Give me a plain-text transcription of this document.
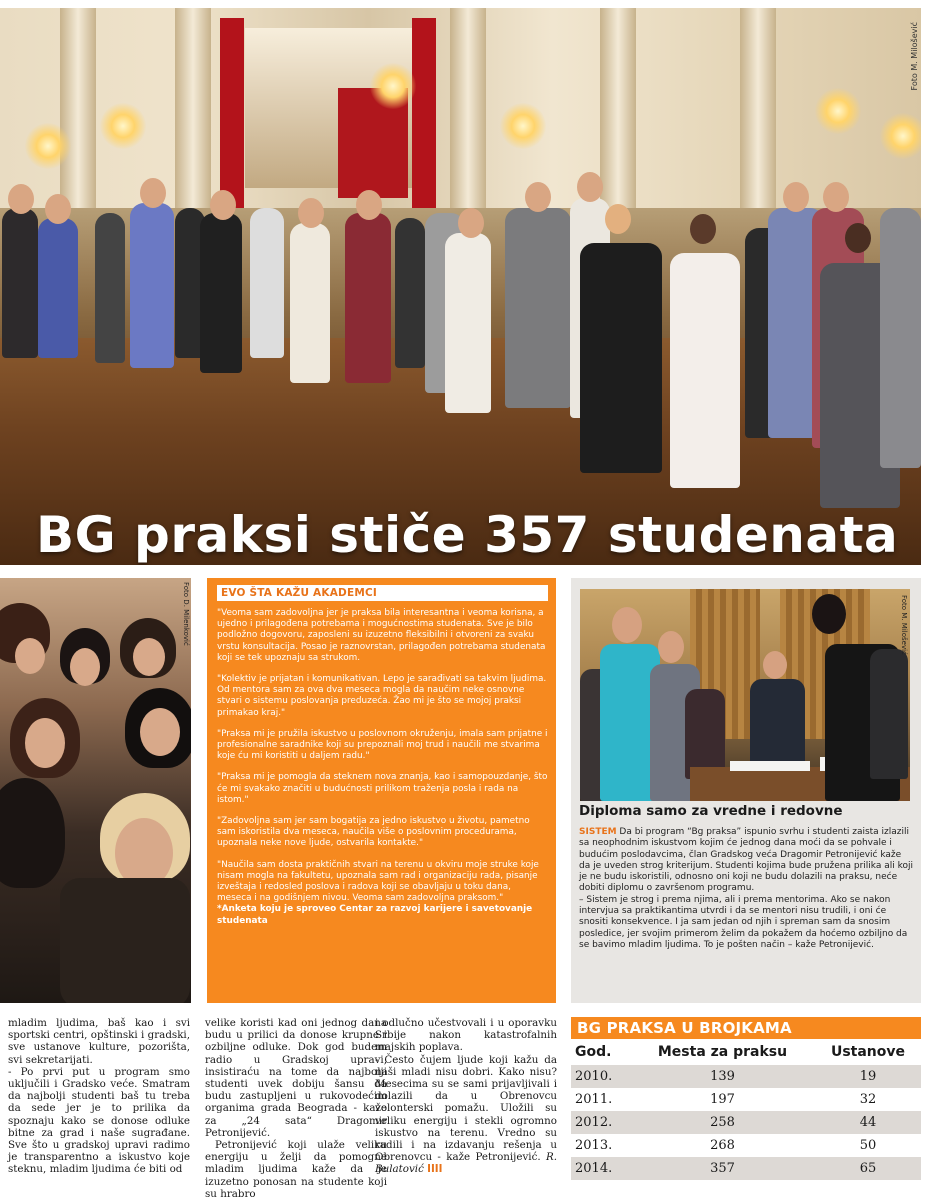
Foto M. Milošević
BG praksi stiče 357 studenata
Foto D. Milenković	EVO ŠTA KAŽU AKADEMCI

"Veoma sam zadovoljna jer je praksa bila interesantna i veoma korisna, a ujedno i prilagođena potrebama i mogućnostima studenata. Sve je bilo podložno dogovoru, zaposleni su izuzetno fleksibilni i otvoreni za svaku vrstu konsultacija. Posao je raznovrstan, prilagođen potrebama studenata koji se tek upoznaju sa strukom.

"Kolektiv je prijatan i komunikativan. Lepo je sarađivati sa takvim ljudima. Od mentora sam za ova dva meseca mogla da naučim neke osnovne stvari o sistemu poslovanja preduzeća. Žao mi je što se mojoj praksi primakao kraj."

"Praksa mi je pružila iskustvo u poslovnom okruženju, imala sam prijatne i profesionalne saradnike koji su prepoznali moj trud i naučili me stvarima koje ću mi koristiti u daljem radu."

"Praksa mi je pomogla da steknem nova znanja, kao i samopouzdanje, što će mi svakako značiti u budućnosti prilikom traženja posla i rada na istom."

"Zadovoljna sam jer sam bogatija za jedno iskustvo u životu, pametno sam iskoristila dva meseca, naučila više o poslovnim procedurama, upoznala neke nove ljude, ostvarila kontakte."

"Naučila sam dosta praktičnih stvari na terenu u okviru moje struke koje nisam mogla na fakultetu, upoznala sam rad i organizaciju rada, pisanje izveštaja i redosled poslova i radova koji se obavljaju u toku dana, meseca i na godišnjem nivou. Veoma sam zadovoljna praksom."

*Anketa koju je sproveo Centar za razvoj karijere i savetovanje studenata
Foto M. Milošević
Diploma samo za vredne i redovne

SISTEM Da bi program “Bg praksa” ispunio svrhu i studenti zaista izlazili sa neophodnim iskustvom kojim će jednog dana moći da se pohvale i budućim poslodavcima, član Gradskog veća Dragomir Petronijević kaže da je uveden strog kriterijum. Studenti kojima bude pružena prilika ali koji je ne budu iskoristili, odnosno oni koji ne budu dolazili na praksu, neće dobiti diplomu o završenom programu.

– Sistem je strog i prema njima, ali i prema mentorima. Ako se nakon intervjua sa praktikantima utvrdi i da se mentori nisu trudili, i oni će snositi konsekvence. I ja sam jedan od njih i spreman sam da snosim posledice, jer svojim primerom želim da pokažem da hoćemo ozbiljno da se bavimo mladim ljudima. To je pošten način – kaže Petronijević.

mladim ljudima, baš kao i svi sportski centri, opštinski i gradski, sve ustanove kulture, pozorišta, svi sekretarijati.

- Po prvi put u program smo uključili i Gradsko veće. Smatram da najbolji studenti baš tu treba da sede jer je to prilika da spoznaju kako se donose odluke bitne za grad i naše sugrađane. Sve što u gradskoj upravi radimo je transparentno a iskustvo koje steknu, mladim ljudima će biti od

velike koristi kad oni jednog dana budu u prilici da donose krupne i ozbiljne odluke. Dok god budem radio u Gradskoj upravi, insistiraću na tome da najbolji studenti uvek dobiju šansu da budu zastupljeni u rukovodećim organima grada Beograda - kaže za „24 sata“ Dragomir Petronijević.

Petronijević koji ulaže veliku energiju u želji da pomogne mladim ljudima kaže da je izuzetno ponosan na studente koji su hrabro

i odlučno učestvovali i u oporavku Srbije nakon katastrofalnih majskih poplava.

- Često čujem ljude koji kažu da naši mladi nisu dobri. Kako nisu? Mesecima su se sami prijavljivali i dolazili da u Obrenovcu volonterski pomažu. Uložili su veliku energiju i stekli ogromno iskustvo na terenu. Vredno su radili i na izdavanju rešenja u Obrenovcu - kaže Petronijević. R. Bulatović IIII

BG PRAKSA U BROJKAMA
God.	Mesta za praksu	Ustanove
2010.	139	19
2011.	197	32
2012.	258	44
2013.	268	50
2014.	357	65
